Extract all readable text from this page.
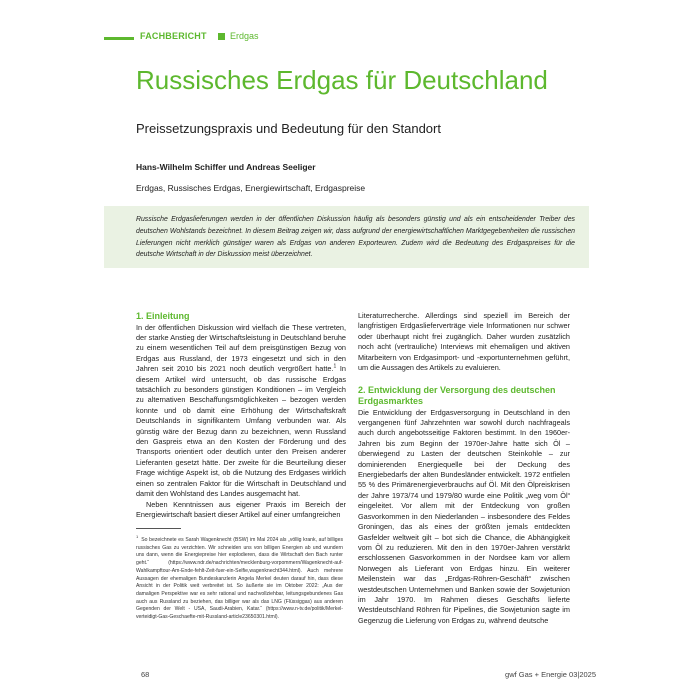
FACHBERICHT	Erdgas
Russisches Erdgas für Deutschland
Preissetzungspraxis und Bedeutung für den Standort
Hans-Wilhelm Schiffer und Andreas Seeliger
Erdgas, Russisches Erdgas, Energiewirtschaft, Erdgaspreise
Russische Erdgaslieferungen werden in der öffentlichen Diskussion häufig als besonders günstig und als ein entscheidender Treiber des deutschen Wohlstands bezeichnet. In diesem Beitrag zeigen wir, dass aufgrund der energiewirtschaftlichen Marktgegebenheiten die russischen Lieferungen nicht merklich günstiger waren als Erdgas von anderen Exporteuren. Zudem wird die Bedeutung des Erdgaspreises für die deutsche Wirtschaft in der Diskussion meist überzeichnet.
1. Einleitung

In der öffentlichen Diskussion wird vielfach die These vertreten, der starke Anstieg der Wirtschaftsleistung in Deutschland beruhe zu einem wesentlichen Teil auf dem preisgünstigen Bezug von Erdgas aus Russland, der 1973 eingesetzt und sich in den Jahren seit 2010 bis 2021 noch deutlich vergrößert hatte.$^1$ In diesem Artikel wird untersucht, ob das russische Erdgas tatsächlich zu besonders günstigen Konditionen – im Vergleich zu alternativen Beschaffungsmöglichkeiten – bezogen werden konnte und ob damit eine Erhöhung der Wirtschaftskraft Deutschlands in signifikantem Umfang verbunden war. Als günstig wäre der Bezug dann zu bezeichnen, wenn Russland den Gaspreis etwa an den Kosten der Förderung und des Transports orientiert oder deutlich unter den Preisen anderer Lieferanten gesetzt hätte. Der zweite für die Beurteilung dieser Frage wichtige Aspekt ist, ob die Nutzung des Erdgases wirklich einen so zentralen Faktor für die Wirtschaft in Deutschland und damit den Wohlstand des Landes ausgemacht hat.

Neben Kenntnissen aus eigener Praxis im Bereich der Energiewirtschaft basiert dieser Artikel auf einer umfangreichen

Literaturrecherche. Allerdings sind speziell im Bereich der langfristigen Erdgaslieferverträge viele Informationen nur schwer oder überhaupt nicht frei zugänglich. Daher wurden zusätzlich noch acht (vertrauliche) Interviews mit ehemaligen und aktiven Mitarbeitern von Erdgasimport- und -exportunternehmen geführt, um die Aussagen des Artikels zu evaluieren.

2. Entwicklung der Versorgung des deutschen Erdgasmarktes

Die Entwicklung der Erdgasversorgung in Deutschland in den vergangenen fünf Jahrzehnten war sowohl durch nachfrageals auch durch angebotsseitige Faktoren bestimmt. In den 1960er-Jahren bis zum Beginn der 1970er-Jahre hatte sich Öl – überwiegend zu Lasten der deutschen Steinkohle – zur dominierenden Energiequelle bei der Deckung des Energiebedarfs der alten Bundesländer entwickelt. 1972 entfielen 55 % des Primärenergieverbrauchs auf Öl. Mit den Ölpreiskrisen der Jahre 1973/74 und 1979/80 wurde eine Politik „weg vom Öl“ eingeleitet. Vor allem mit der Entdeckung von großen Gasvorkommen in den Niederlanden – insbesondere des Feldes Groningen, das als eines der größten jemals entdeckten Gasfelder weltweit gilt – bot sich die Chance, die Abhängigkeit vom Öl zu reduzieren. Mit den in den 1970er-Jahren verstärkt erschlossenen Gasvorkommen in der Nordsee kam vor allem Norwegen als Lieferant von Erdgas hinzu. Ein weiterer Meilenstein war das „Erdgas-Röhren-Geschäft“ zwischen westdeutschen Unternehmen und Banken sowie der Sowjetunion im Jahr 1970. Im Rahmen dieses Geschäfts lieferte Westdeutschland Röhren für Pipelines, die Sowjetunion sagte im Gegenzug die Lieferung von Erdgas zu, während deutsche

$^1$So bezeichnete es Sarah Wagenknecht (BSW) im Mai 2024 als „völlig krank, auf billiges russisches Gas zu verzichten. Wir schneiden uns von billigen Energien ab und wundern uns dann, wenn die Energiepreise hier explodieren, dass die Wirtschaft den Bach runter geht.“ (https://www.ndr.de/nachrichten/mecklenburg-vorpommern/Wagenknecht-auf-Wahlkampftour-Am-Ende-fehlt-Zeit-fuer-ein-Selfie,wagenknecht344.html). Auch mehrere Aussagen der ehemaligen Bundeskanzlerin Angela Merkel deuten darauf hin, dass diese Ansicht in der Politik weit verbreitet ist. So äußerte sie im Oktober 2022: „Aus der damaligen Perspektive war es sehr rational und nachvollziehbar, leitungsgebundenes Gas auch aus Russland zu beziehen, das billiger war als das LNG (Flüssiggas) aus anderen Gegenden der Welt - USA, Saudi-Arabien, Katar.“ (https://www.n-tv.de/politik/Merkel-verteidigt-Gas-Geschaefte-mit-Russland-article23650301.html).
68	gwf Gas + Energie 03|2025
